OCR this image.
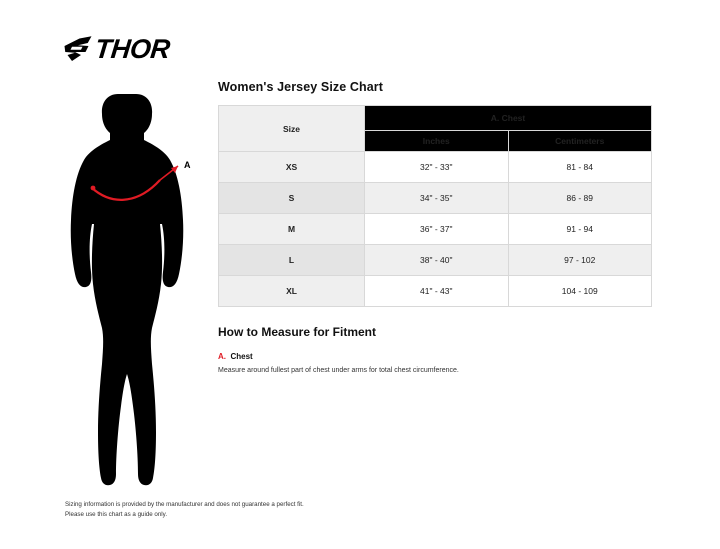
THOR
A
Women's Jersey Size Chart
Size	A. Chest	
	Inches	Centimeters
XS	32" - 33"	81 - 84
S	34" - 35"	86 - 89
M	36" - 37"	91 - 94
L	38" - 40"	97 - 102
XL	41" - 43"	104 - 109
How to Measure for Fitment
A. Chest
Measure around fullest part of chest under arms for total chest circumference.
Sizing information is provided by the manufacturer and does not guarantee a perfect fit.
Please use this chart as a guide only.
